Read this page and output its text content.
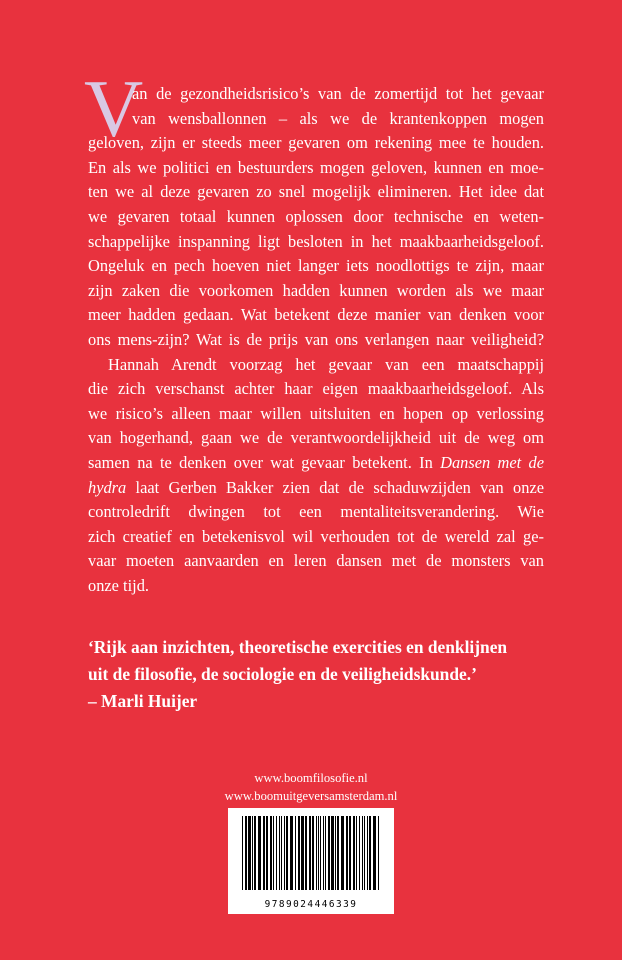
V
an de gezondheidsrisico’s van de zomertijd tot het gevaar
van wensballonnen – als we de krantenkoppen mogen
geloven, zijn er steeds meer gevaren om rekening mee te houden.
En als we politici en bestuurders mogen geloven, kunnen en moe-
ten we al deze gevaren zo snel mogelijk elimineren. Het idee dat
we gevaren totaal kunnen oplossen door technische en weten-
schappelijke inspanning ligt besloten in het maakbaarheidsgeloof.
Ongeluk en pech hoeven niet langer iets noodlottigs te zijn, maar
zijn zaken die voorkomen hadden kunnen worden als we maar
meer hadden gedaan. Wat betekent deze manier van denken voor
ons mens-zijn? Wat is de prijs van ons verlangen naar veiligheid?
Hannah Arendt voorzag het gevaar van een maatschappij
die zich verschanst achter haar eigen maakbaarheidsgeloof. Als
we risico’s alleen maar willen uitsluiten en hopen op verlossing
van hogerhand, gaan we de verantwoordelijkheid uit de weg om
samen na te denken over wat gevaar betekent. In Dansen met de
hydra laat Gerben Bakker zien dat de schaduwzijden van onze
controledrift dwingen tot een mentaliteitsverandering. Wie
zich creatief en betekenisvol wil verhouden tot de wereld zal ge-
vaar moeten aanvaarden en leren dansen met de monsters van
onze tijd.
‘Rijk aan inzichten, theoretische exercities en denklijnen
uit de filosofie, de sociologie en de veiligheidskunde.’
– Marli Huijer
www.boomfilosofie.nl
www.boomuitgeversamsterdam.nl
9789024446339
